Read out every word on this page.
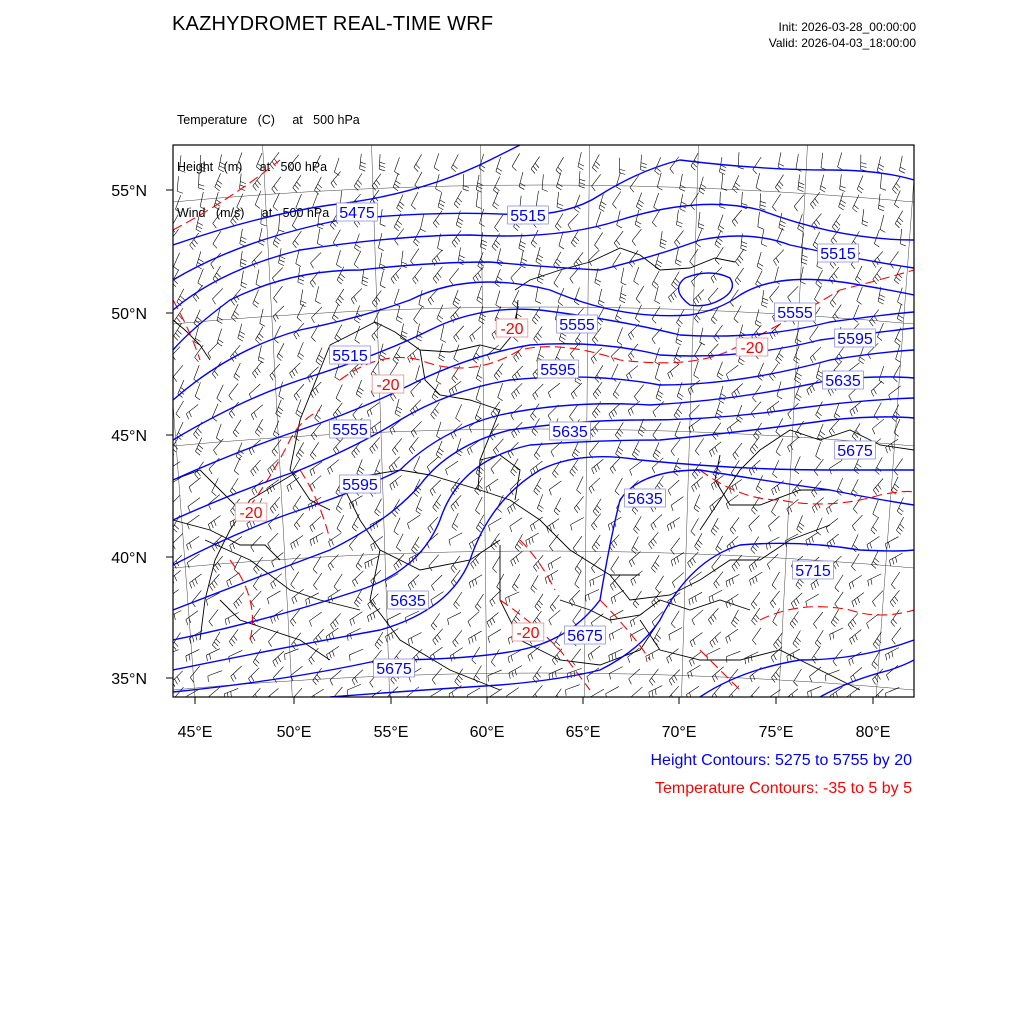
KAZHYDROMET REAL-TIME WRF	Init: 2026-03-28_00:00:00
Valid: 2026-04-03_18:00:00

Temperature (C) at   500 hPa

Height (m) at   500 hPa

Wind (m/s) at   500 hPa 5475	5515
5515
5515
5555
5555
5555
5595
5595
5595
5635
5635
5635
5635
5675
5675
5675
5715
-20
-20
-20
-20
-20
45°E	50°E	55°E	60°E	65°E	70°E	75°E	80°E
55°N
50°N
45°N
40°N
35°N
Height Contours: 5275 to 5755 by 20
Temperature Contours: -35 to 5 by 5
